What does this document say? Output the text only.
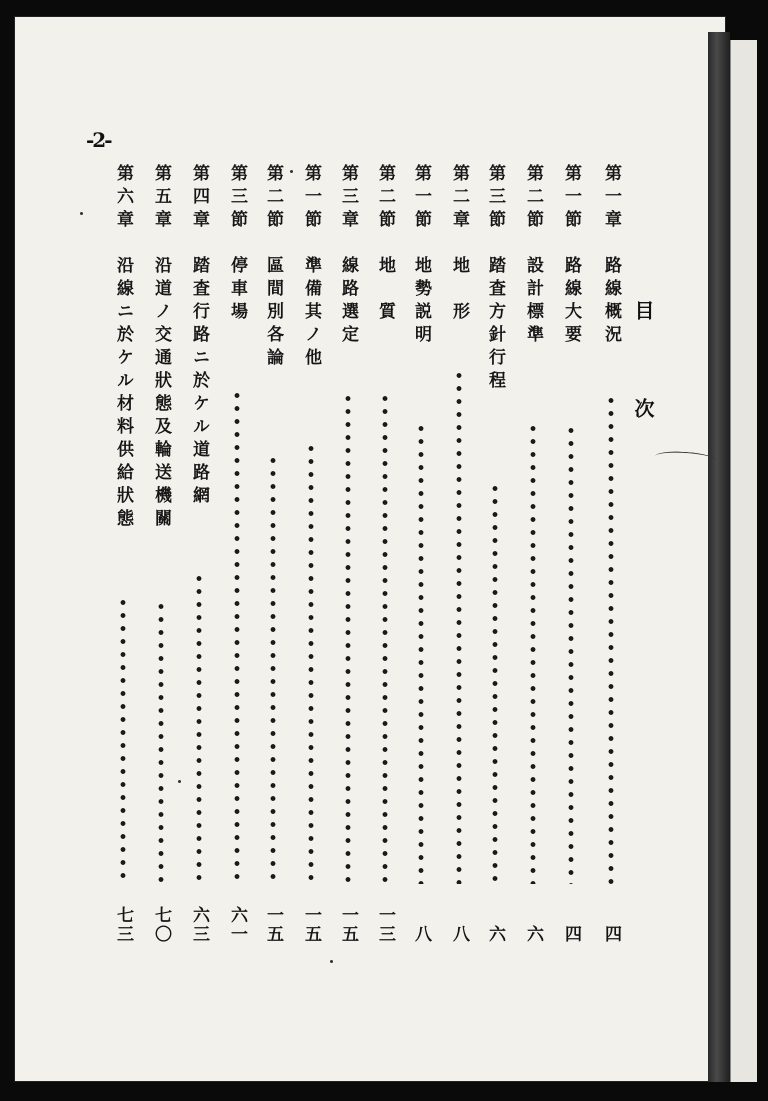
-2-
目次
第一章　路線概況
四
第一節　路線大要
四
第二節　設計標準
六
第三節　踏査方針行程
六
第二章　地　形
八
第一節　地勢説明
八
第二節　地　質
一三
第三章　線路選定
一五
第一節　準備其ノ他
一五
第二節　區間別各論
一五
第三節　停車場
六一
第四章　踏査行路ニ於ケル道路網
六三
第五章　沿道ノ交通狀態及輪送機關
七〇
第六章　沿線ニ於ケル材料供給狀態
七三
